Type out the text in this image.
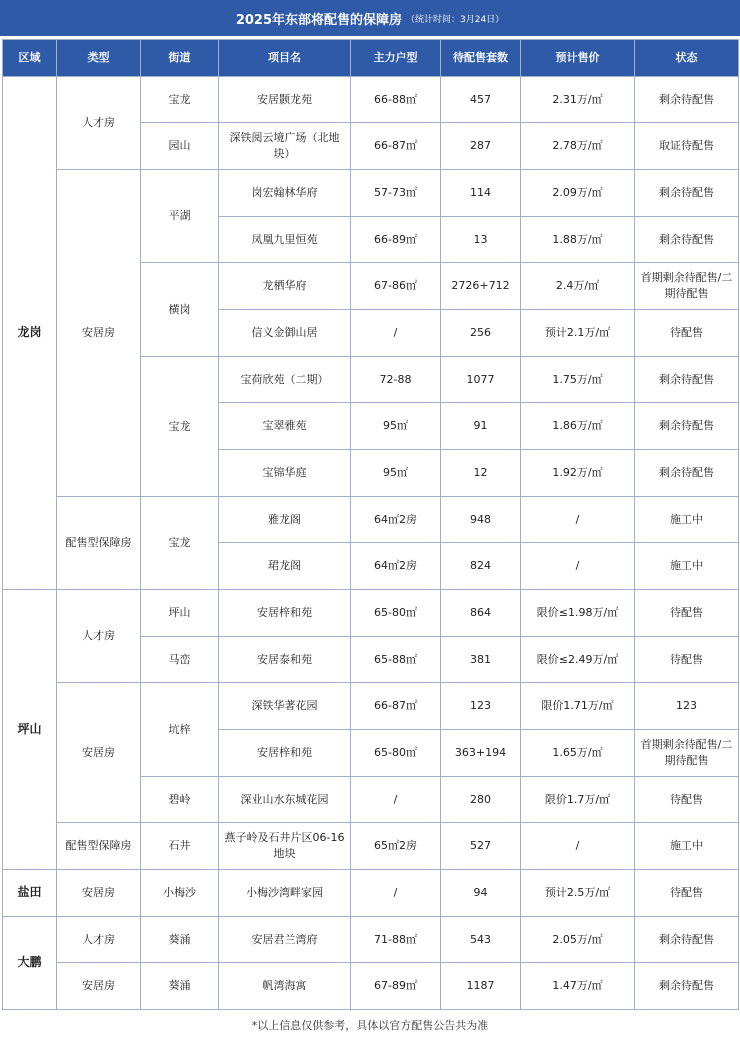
2025年东部将配售的保障房 （统计时间：3月24日）
区域	类型	街道	项目名	主力户型	待配售套数	预计售价	状态
龙岗	人才房	宝龙	安居颢龙苑	66-88㎡	457	2.31万/㎡	剩余待配售
		园山	深铁阅云境广场（北地块）	66-87㎡	287	2.78万/㎡	取证待配售
	安居房	平湖	岗宏翰林华府	57-73㎡	114	2.09万/㎡	剩余待配售
			凤凰九里恒苑	66-89㎡	13	1.88万/㎡	剩余待配售
		横岗	龙栖华府	67-86㎡	2726+712	2.4万/㎡	首期剩余待配售/二期待配售
			信义金御山居	/	256	预计2.1万/㎡	待配售
		宝龙	宝荷欣苑（二期）	72-88	1077	1.75万/㎡	剩余待配售
			宝翠雅苑	95㎡	91	1.86万/㎡	剩余待配售
			宝锦华庭	95㎡	12	1.92万/㎡	剩余待配售
	配售型保障房	宝龙	雅龙阁	64㎡2房	948	/	施工中
			珺龙阁	64㎡2房	824	/	施工中
坪山	人才房	坪山	安居梓和苑	65-80㎡	864	限价≤1.98万/㎡	待配售
		马峦	安居泰和苑	65-88㎡	381	限价≤2.49万/㎡	待配售
	安居房	坑梓	深铁华著花园	66-87㎡	123	限价1.71万/㎡	123
			安居梓和苑	65-80㎡	363+194	1.65万/㎡	首期剩余待配售/二期待配售
		碧岭	深业山水东城花园	/	280	限价1.7万/㎡	待配售
	配售型保障房	石井	燕子岭及石井片区06-16地块	65㎡2房	527	/	施工中
盐田	安居房	小梅沙	小梅沙湾畔家园	/	94	预计2.5万/㎡	待配售
大鹏	人才房	葵涌	安居君兰湾府	71-88㎡	543	2.05万/㎡	剩余待配售
	安居房	葵涌	帆湾海寓	67-89㎡	1187	1.47万/㎡	剩余待配售
*以上信息仅供参考，具体以官方配售公告共为准
